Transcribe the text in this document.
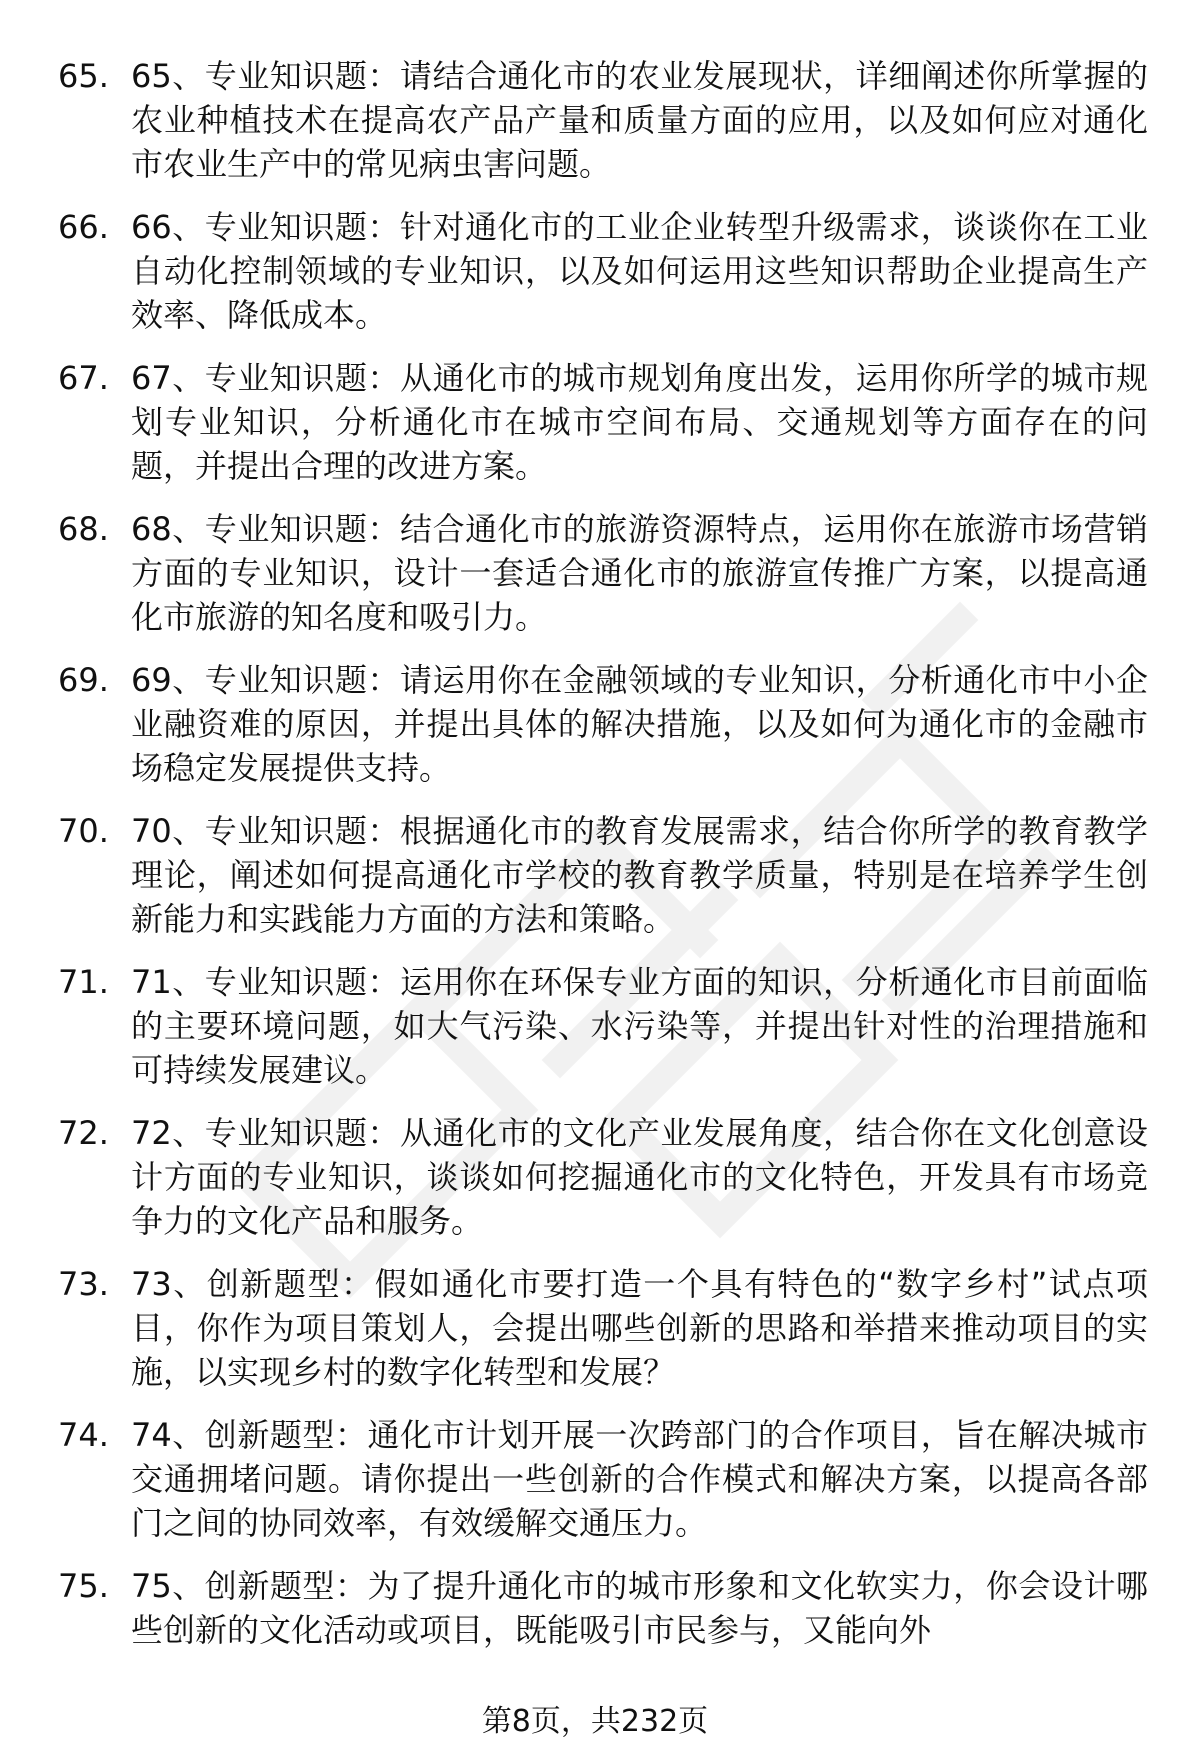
65. 65、专业知识题：请结合通化市的农业发展现状，详细阐述你所掌握的农业种植技术在提高农产品产量和质量方面的应用，以及如何应对通化市农业生产中的常见病虫害问题。
66. 66、专业知识题：针对通化市的工业企业转型升级需求，谈谈你在工业自动化控制领域的专业知识，以及如何运用这些知识帮助企业提高生产效率、降低成本。
67. 67、专业知识题：从通化市的城市规划角度出发，运用你所学的城市规划专业知识，分析通化市在城市空间布局、交通规划等方面存在的问题，并提出合理的改进方案。
68. 68、专业知识题：结合通化市的旅游资源特点，运用你在旅游市场营销方面的专业知识，设计一套适合通化市的旅游宣传推广方案，以提高通化市旅游的知名度和吸引力。
69. 69、专业知识题：请运用你在金融领域的专业知识，分析通化市中小企业融资难的原因，并提出具体的解决措施，以及如何为通化市的金融市场稳定发展提供支持。
70. 70、专业知识题：根据通化市的教育发展需求，结合你所学的教育教学理论，阐述如何提高通化市学校的教育教学质量，特别是在培养学生创新能力和实践能力方面的方法和策略。
71. 71、专业知识题：运用你在环保专业方面的知识，分析通化市目前面临的主要环境问题，如大气污染、水污染等，并提出针对性的治理措施和可持续发展建议。
72. 72、专业知识题：从通化市的文化产业发展角度，结合你在文化创意设计方面的专业知识，谈谈如何挖掘通化市的文化特色，开发具有市场竞争力的文化产品和服务。
73. 73、创新题型：假如通化市要打造一个具有特色的“数字乡村”试点项目，你作为项目策划人，会提出哪些创新的思路和举措来推动项目的实施，以实现乡村的数字化转型和发展？
74. 74、创新题型：通化市计划开展一次跨部门的合作项目，旨在解决城市交通拥堵问题。请你提出一些创新的合作模式和解决方案，以提高各部门之间的协同效率，有效缓解交通压力。
75. 75、创新题型：为了提升通化市的城市形象和文化软实力，你会设计哪些创新的文化活动或项目，既能吸引市民参与，又能向外
第8页，共232页
